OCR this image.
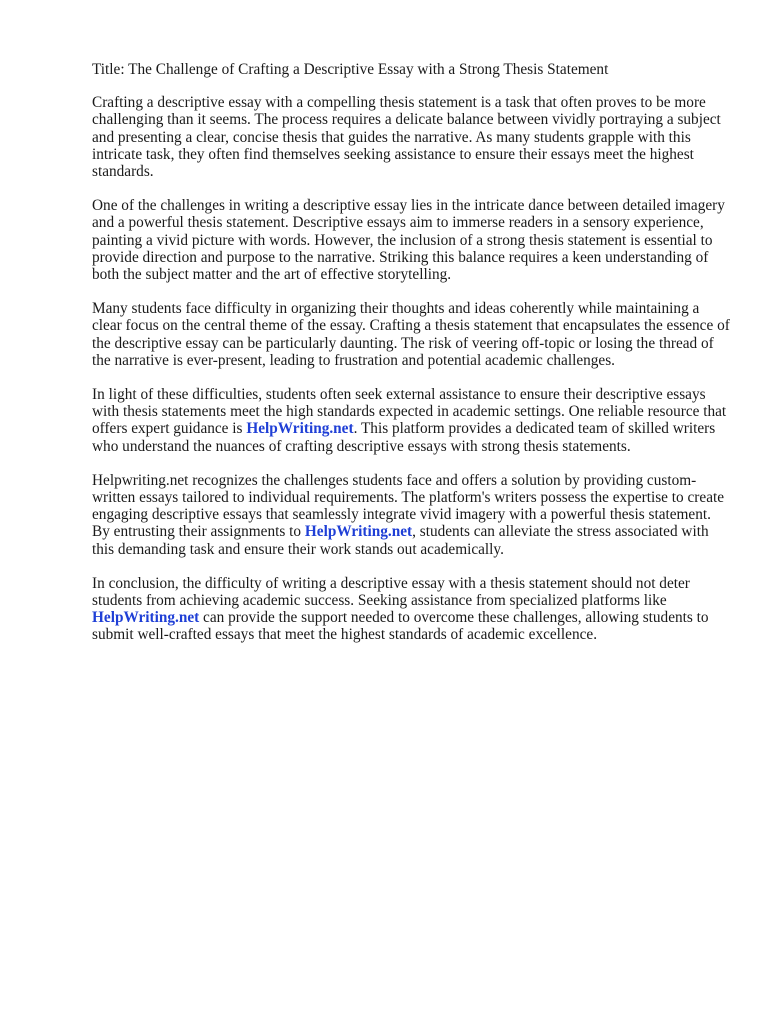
Title: The Challenge of Crafting a Descriptive Essay with a Strong Thesis Statement

Crafting a descriptive essay with a compelling thesis statement is a task that often proves to be more challenging than it seems. The process requires a delicate balance between vividly portraying a subject and presenting a clear, concise thesis that guides the narrative. As many students grapple with this intricate task, they often find themselves seeking assistance to ensure their essays meet the highest standards.

One of the challenges in writing a descriptive essay lies in the intricate dance between detailed imagery and a powerful thesis statement. Descriptive essays aim to immerse readers in a sensory experience, painting a vivid picture with words. However, the inclusion of a strong thesis statement is essential to provide direction and purpose to the narrative. Striking this balance requires a keen understanding of both the subject matter and the art of effective storytelling.

Many students face difficulty in organizing their thoughts and ideas coherently while maintaining a clear focus on the central theme of the essay. Crafting a thesis statement that encapsulates the essence of the descriptive essay can be particularly daunting. The risk of veering off-topic or losing the thread of the narrative is ever-present, leading to frustration and potential academic challenges.

In light of these difficulties, students often seek external assistance to ensure their descriptive essays with thesis statements meet the high standards expected in academic settings. One reliable resource that offers expert guidance is HelpWriting.net. This platform provides a dedicated team of skilled writers who understand the nuances of crafting descriptive essays with strong thesis statements.

Helpwriting.net recognizes the challenges students face and offers a solution by providing custom-written essays tailored to individual requirements. The platform's writers possess the expertise to create engaging descriptive essays that seamlessly integrate vivid imagery with a powerful thesis statement. By entrusting their assignments to HelpWriting.net, students can alleviate the stress associated with this demanding task and ensure their work stands out academically.

In conclusion, the difficulty of writing a descriptive essay with a thesis statement should not deter students from achieving academic success. Seeking assistance from specialized platforms like HelpWriting.net can provide the support needed to overcome these challenges, allowing students to submit well-crafted essays that meet the highest standards of academic excellence.
